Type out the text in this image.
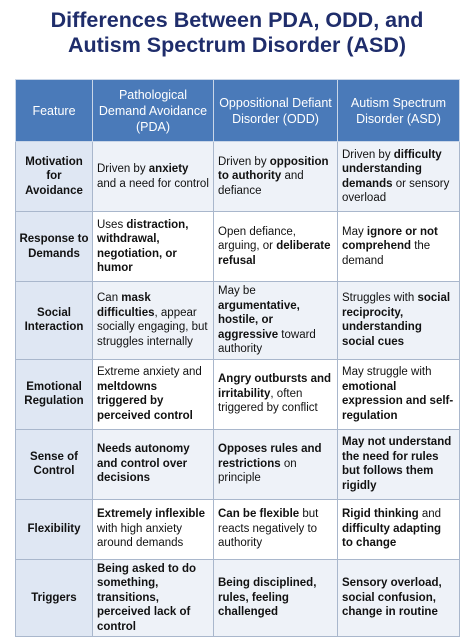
Differences Between PDA, ODD, and
Autism Spectrum Disorder (ASD)
Feature	Pathological Demand Avoidance (PDA)	Oppositional Defiant Disorder (ODD)	Autism Spectrum Disorder (ASD)
Motivation for Avoidance	Driven by anxiety and a need for control	Driven by opposition to authority and defiance	Driven by difficulty understanding demands or sensory overload
Response to Demands	Uses distraction, withdrawal, negotiation, or humor	Open defiance, arguing, or deliberate refusal	May ignore or not comprehend the demand
Social Interaction	Can mask difficulties, appear socially engaging, but struggles internally	May be argumentative, hostile, or aggressive toward authority	Struggles with social reciprocity, understanding social cues
Emotional Regulation	Extreme anxiety and meltdowns triggered by perceived control	Angry outbursts and irritability, often triggered by conflict	May struggle with emotional expression and self-regulation
Sense of Control	Needs autonomy and control over decisions	Opposes rules and restrictions on principle	May not understand the need for rules but follows them rigidly
Flexibility	Extremely inflexible with high anxiety around demands	Can be flexible but reacts negatively to authority	Rigid thinking and difficulty adapting to change
Triggers	Being asked to do something, transitions, perceived lack of control	Being disciplined, rules, feeling challenged	Sensory overload, social confusion, change in routine
